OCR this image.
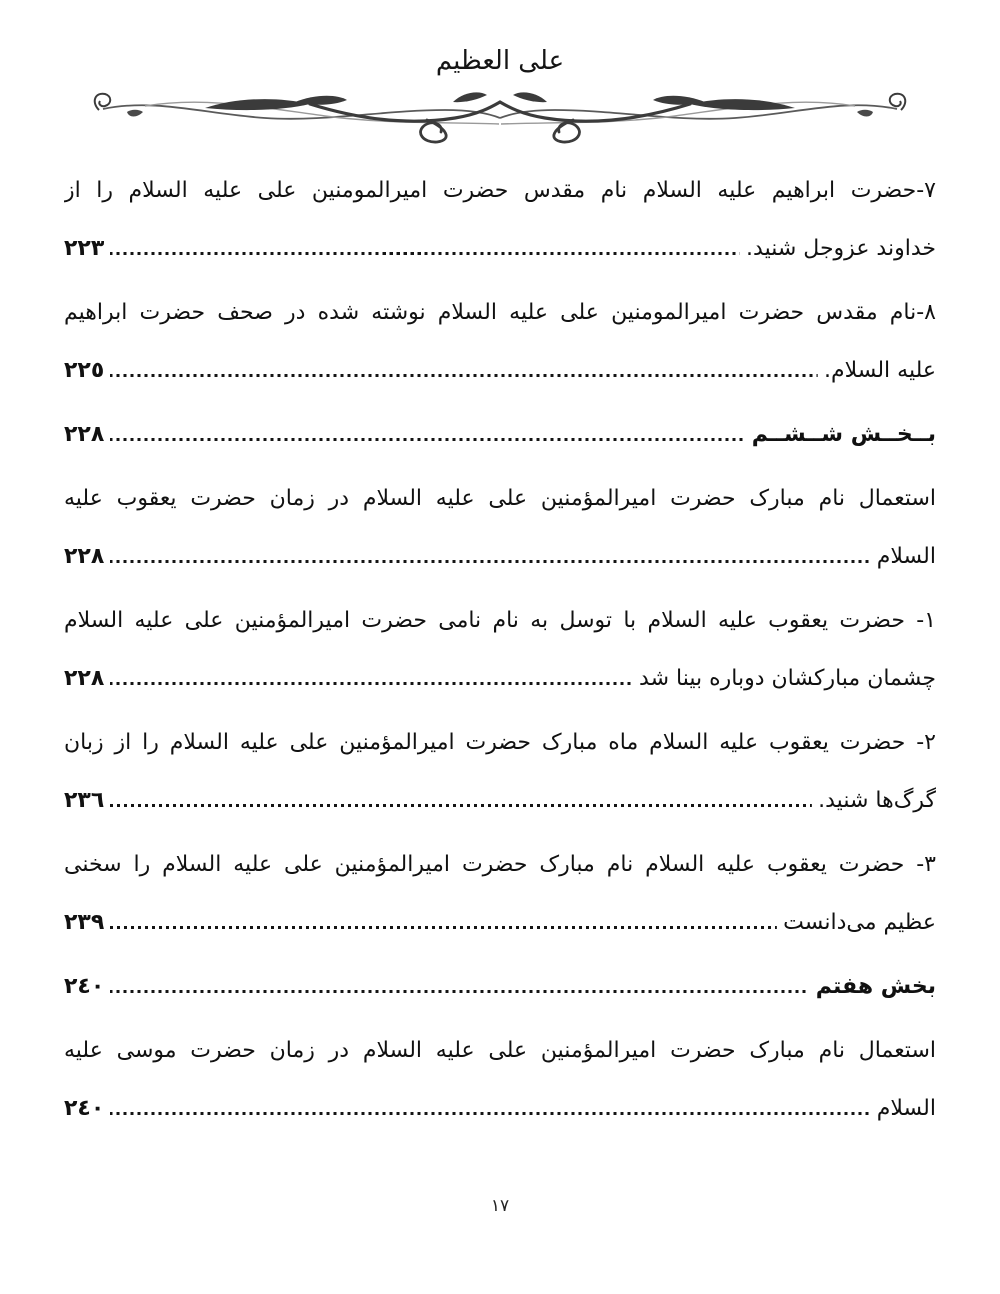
علی العظیم
٧-حضرت ابراهیم علیه السلام نام مقدس حضرت امیرالمومنین علی علیه السلام را از
خداوند عزوجل شنید.
٢٢٣
٨-نام مقدس حضرت امیرالمومنین علی علیه السلام نوشته شده در صحف حضرت ابراهیم
علیه السلام.
٢٢٥
بــخــش شــشــم
٢٢٨
استعمال نام مبارک حضرت امیرالمؤمنین علی علیه السلام در زمان حضرت یعقوب علیه
السلام
٢٢٨
١- حضرت یعقوب علیه السلام با توسل به نام نامی حضرت امیرالمؤمنین علی علیه السلام
چشمان مبارکشان دوباره بینا شد
٢٢٨
٢- حضرت یعقوب علیه السلام ماه مبارک حضرت امیرالمؤمنین علی علیه السلام را از زبان
گرگ‌ها شنید.
٢٣٦
٣- حضرت یعقوب علیه السلام نام مبارک حضرت امیرالمؤمنین علی علیه السلام را سخنی
عظیم می‌دانست
٢٣٩
بخش هفتم
٢٤٠
استعمال نام مبارک حضرت امیرالمؤمنین علی علیه السلام در زمان حضرت موسی علیه
السلام
٢٤٠
١٧
